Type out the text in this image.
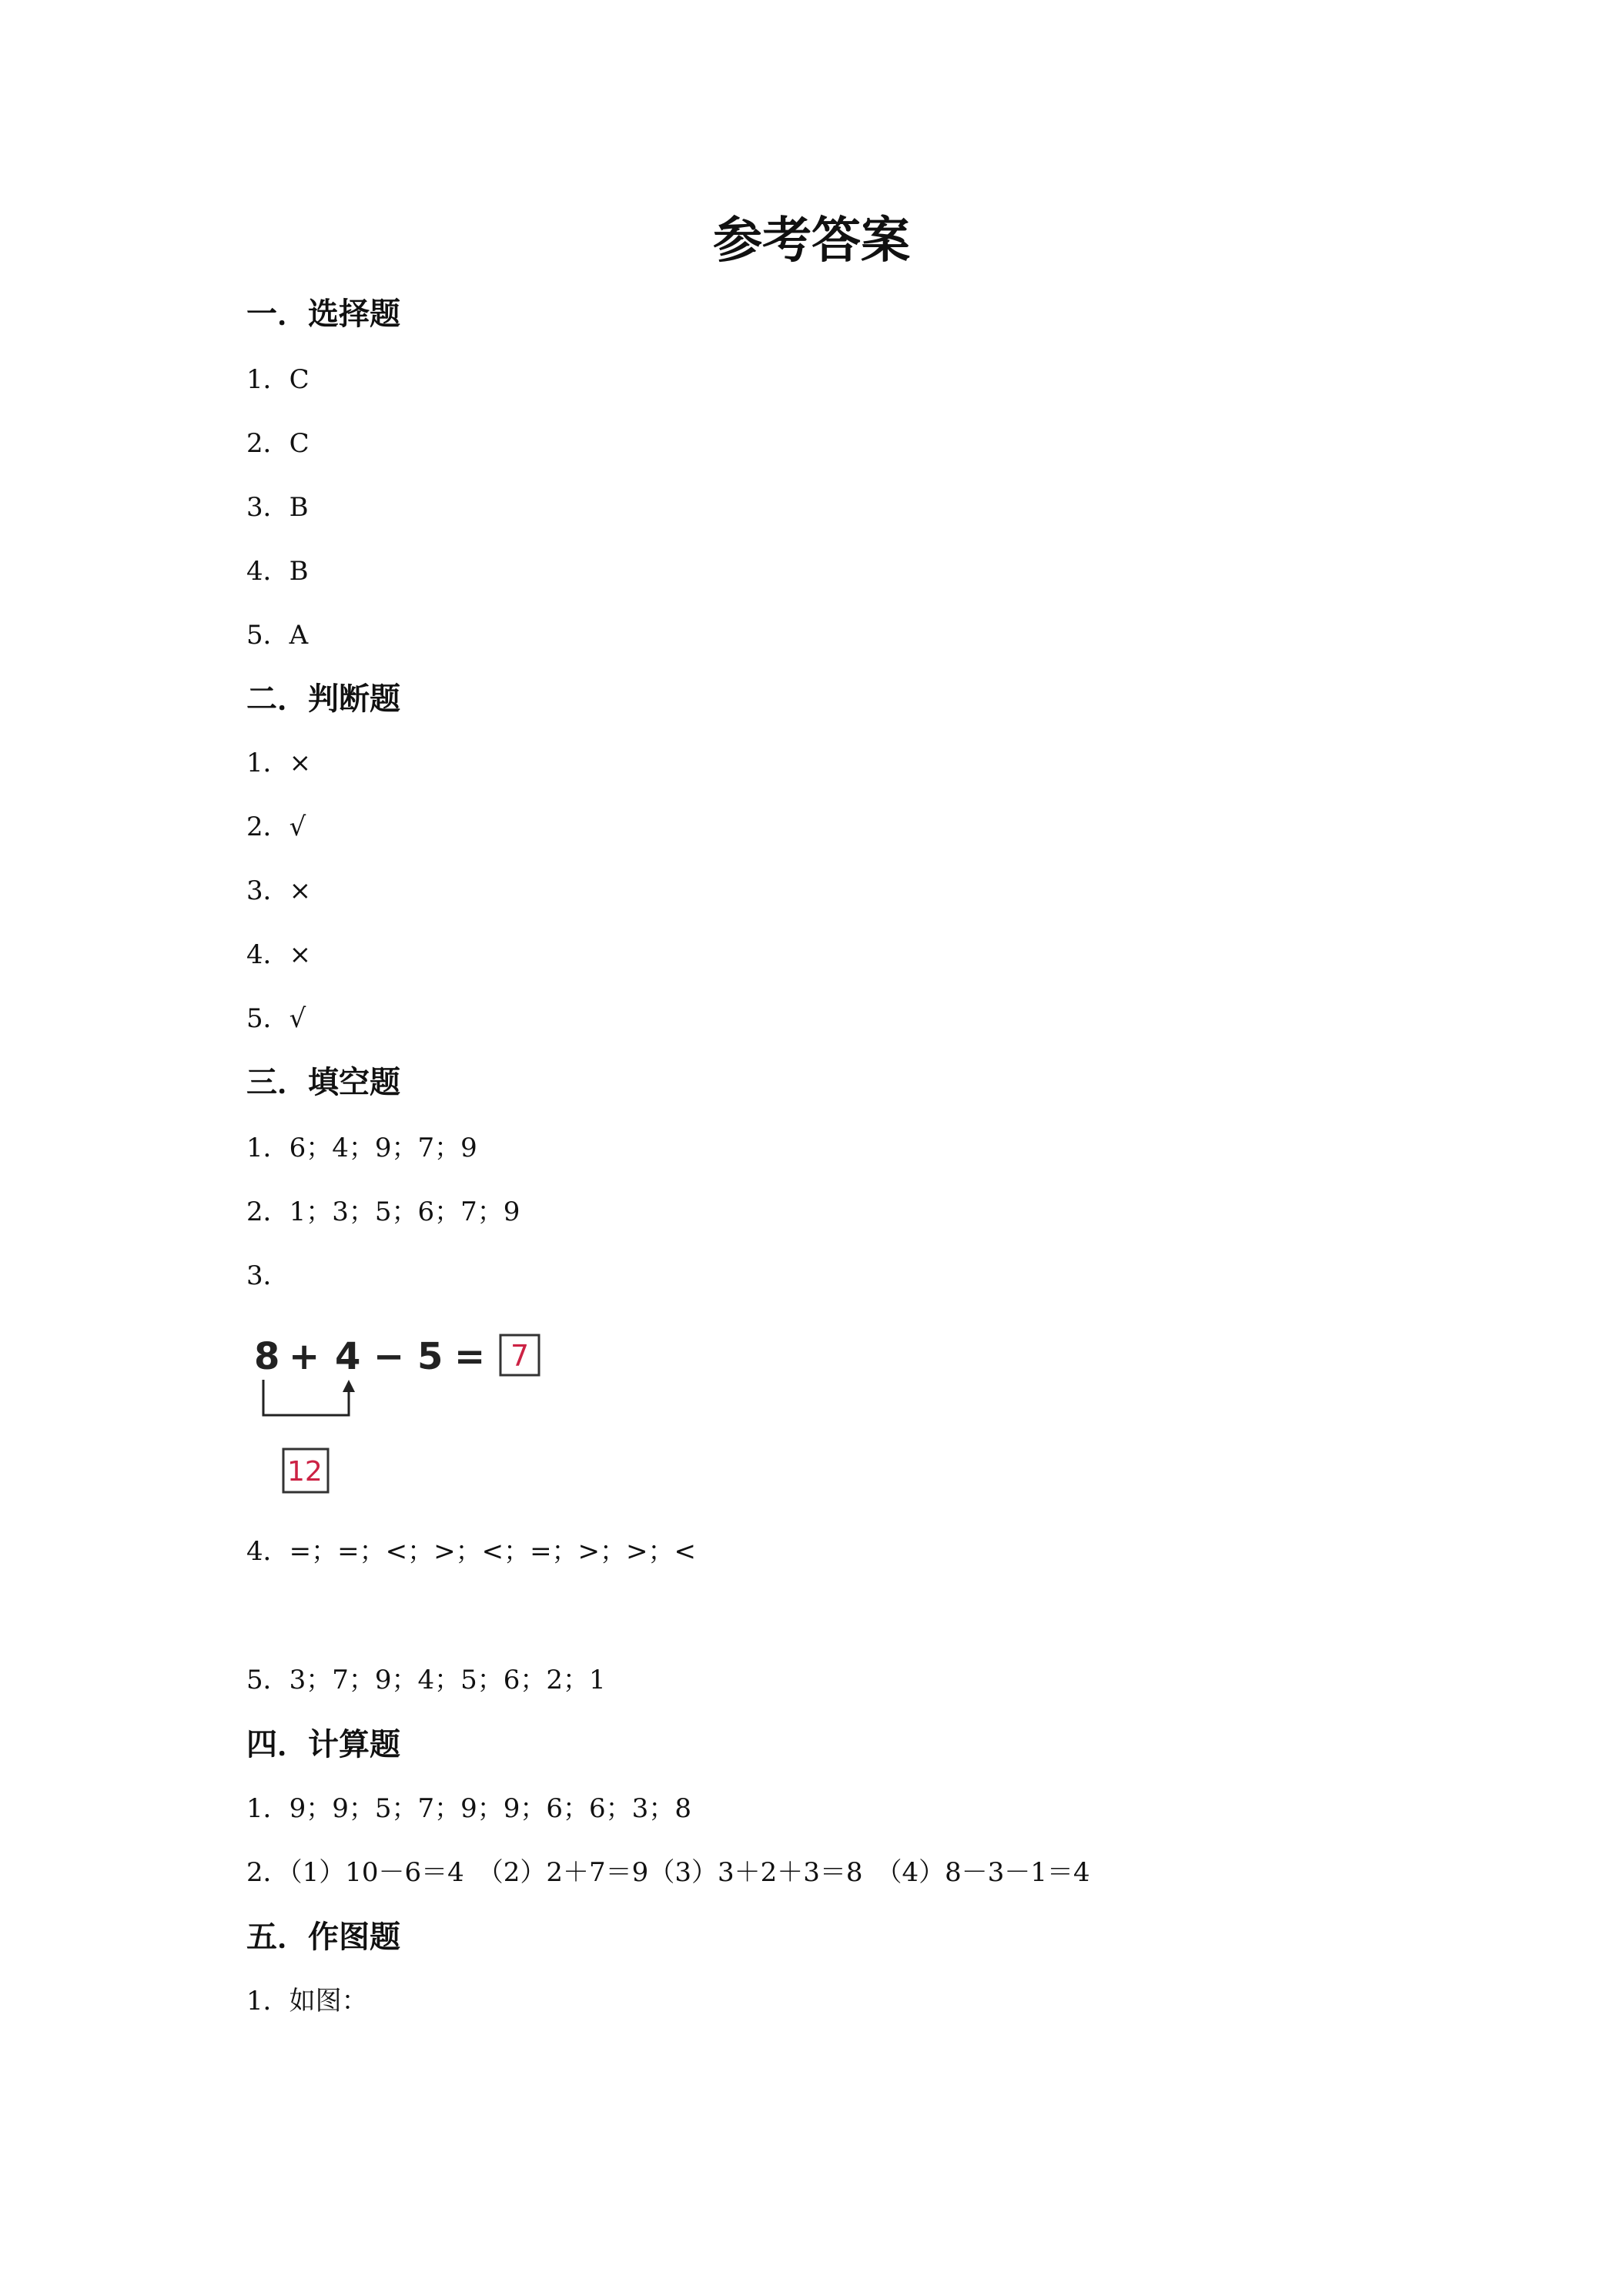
参考答案
一．选择题
1．C
2．C
3．B
4．B
5．A
二．判断题
1．×
2．√
3．×
4．×
5．√
三．填空题
1．6；4；9；7；9
2．1；3；5；6；7；9
3．
8 + 4 − 5 = 7
12
4．=；=；<；>；<；=；>；>；<
5．3；7；9；4；5；6；2；1
四．计算题
1．9；9；5；7；9；9；6；6；3；8
2．（1）10－6＝4　（2）2＋7＝9（3）3＋2＋3＝8　（4）8－3－1＝4
五．作图题
1．如图：
